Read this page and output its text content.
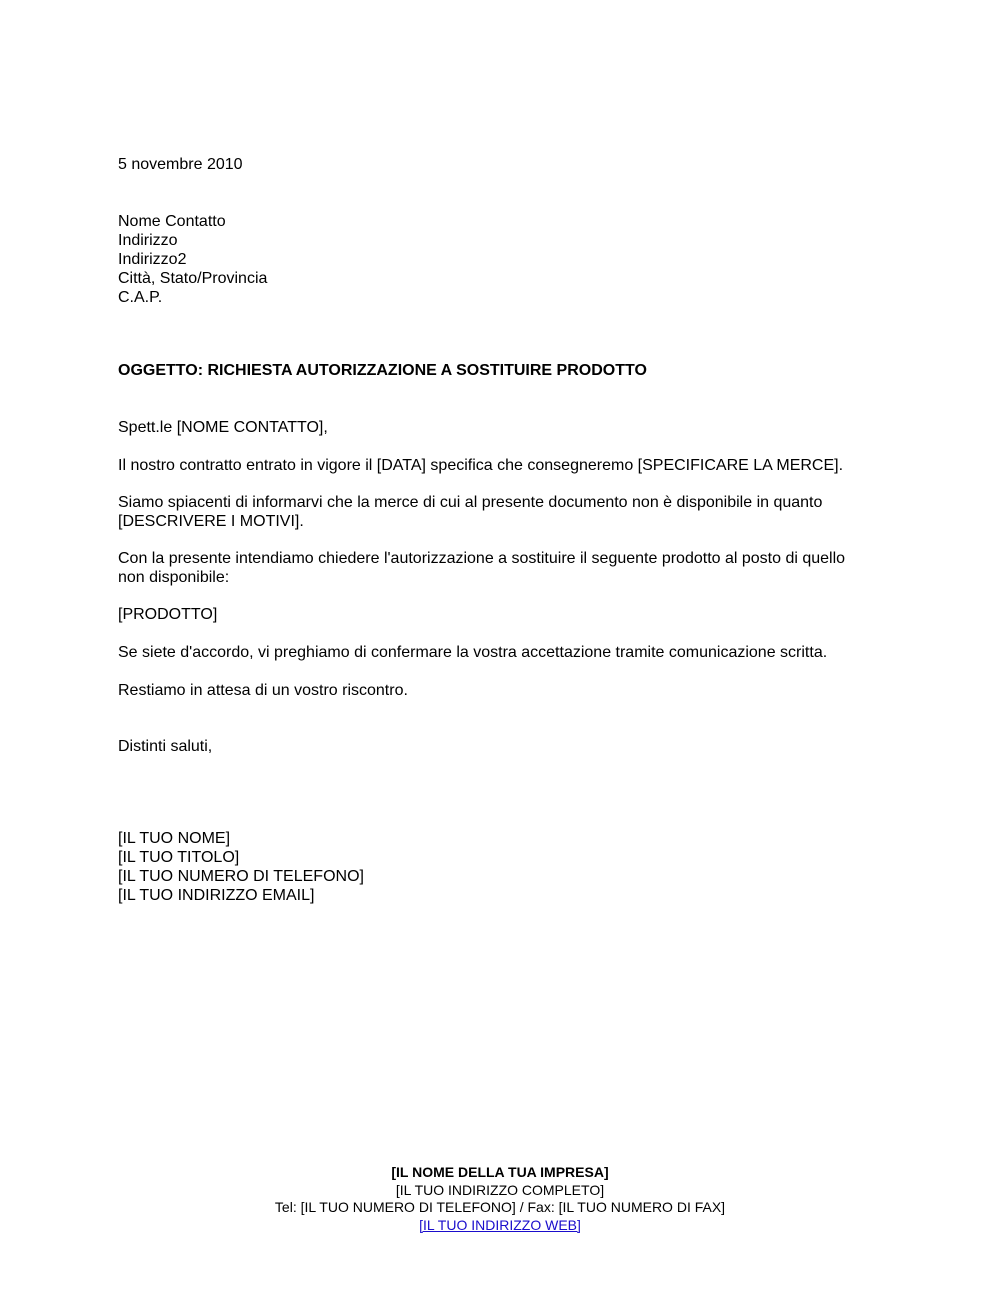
5 novembre 2010
Nome Contatto
Indirizzo
Indirizzo2
Città, Stato/Provincia
C.A.P.
OGGETTO: RICHIESTA AUTORIZZAZIONE A SOSTITUIRE PRODOTTO
Spett.le [NOME CONTATTO],
Il nostro contratto entrato in vigore il [DATA] specifica che consegneremo [SPECIFICARE LA MERCE].
Siamo spiacenti di informarvi che la merce di cui al presente documento non è disponibile in quanto
[DESCRIVERE I MOTIVI].
Con la presente intendiamo chiedere l'autorizzazione a sostituire il seguente prodotto al posto di quello
non disponibile:
[PRODOTTO]
Se siete d'accordo, vi preghiamo di confermare la vostra accettazione tramite comunicazione scritta.
Restiamo in attesa di un vostro riscontro.
Distinti saluti,
[IL TUO NOME]
[IL TUO TITOLO]
[IL TUO NUMERO DI TELEFONO]
[IL TUO INDIRIZZO EMAIL]
[IL NOME DELLA TUA IMPRESA]
[IL TUO INDIRIZZO COMPLETO]
Tel: [IL TUO NUMERO DI TELEFONO] / Fax: [IL TUO NUMERO DI FAX]
[IL TUO INDIRIZZO WEB]
